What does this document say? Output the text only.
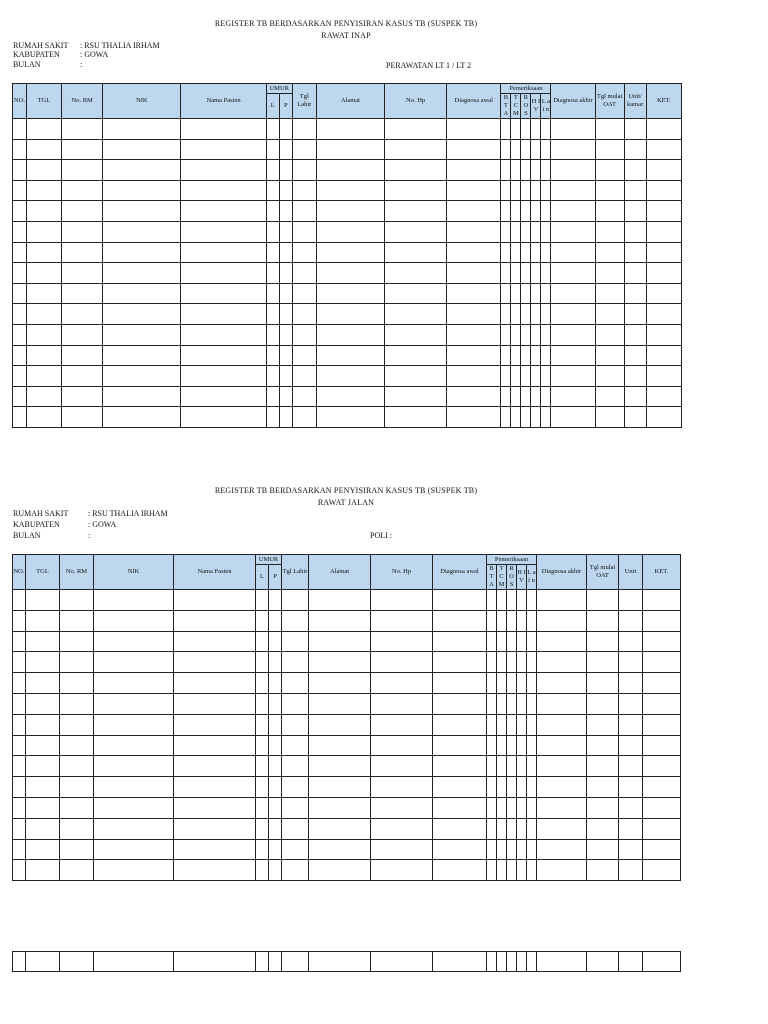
REGISTER TB BERDASARKAN PENYISIRAN KASUS TB (SUSPEK TB)
RAWAT INAP
RUMAH SAKIT : RSU THALIA IRHAM
KABUPATEN	: GOWA
BULAN	:	PERAWATAN LT 1 / LT 2
NO.	TGL	No. RM	NIK	Nama Pasien	UMUR		Tgl Lahir	Alamat	No. Hp	Diagnosa awal	Pemeriksaan					Diagnosa akhir	Tgl mulai OAT	Unit/ kamar	KET.
					L	P					B T A	T C M	R O S	H I V	L a i n				

REGISTER TB BERDASARKAN PENYISIRAN KASUS TB (SUSPEK TB)
RAWAT JALAN
RUMAH SAKIT : RSU THALIA IRHAM
KABUPATEN	: GOWA
BULAN	:	POLI :
NO.	TGL	No. RM	NIK	Nama Pasien	UMUR		Tgl Lahir	Alamat	No. Hp	Diagnosa awal	Pemeriksaan					Diagnosa akhir	Tgl mulai OAT	Unit	KET.
					L	P					B T A	T C M	R O S	H I V	L a i n				
